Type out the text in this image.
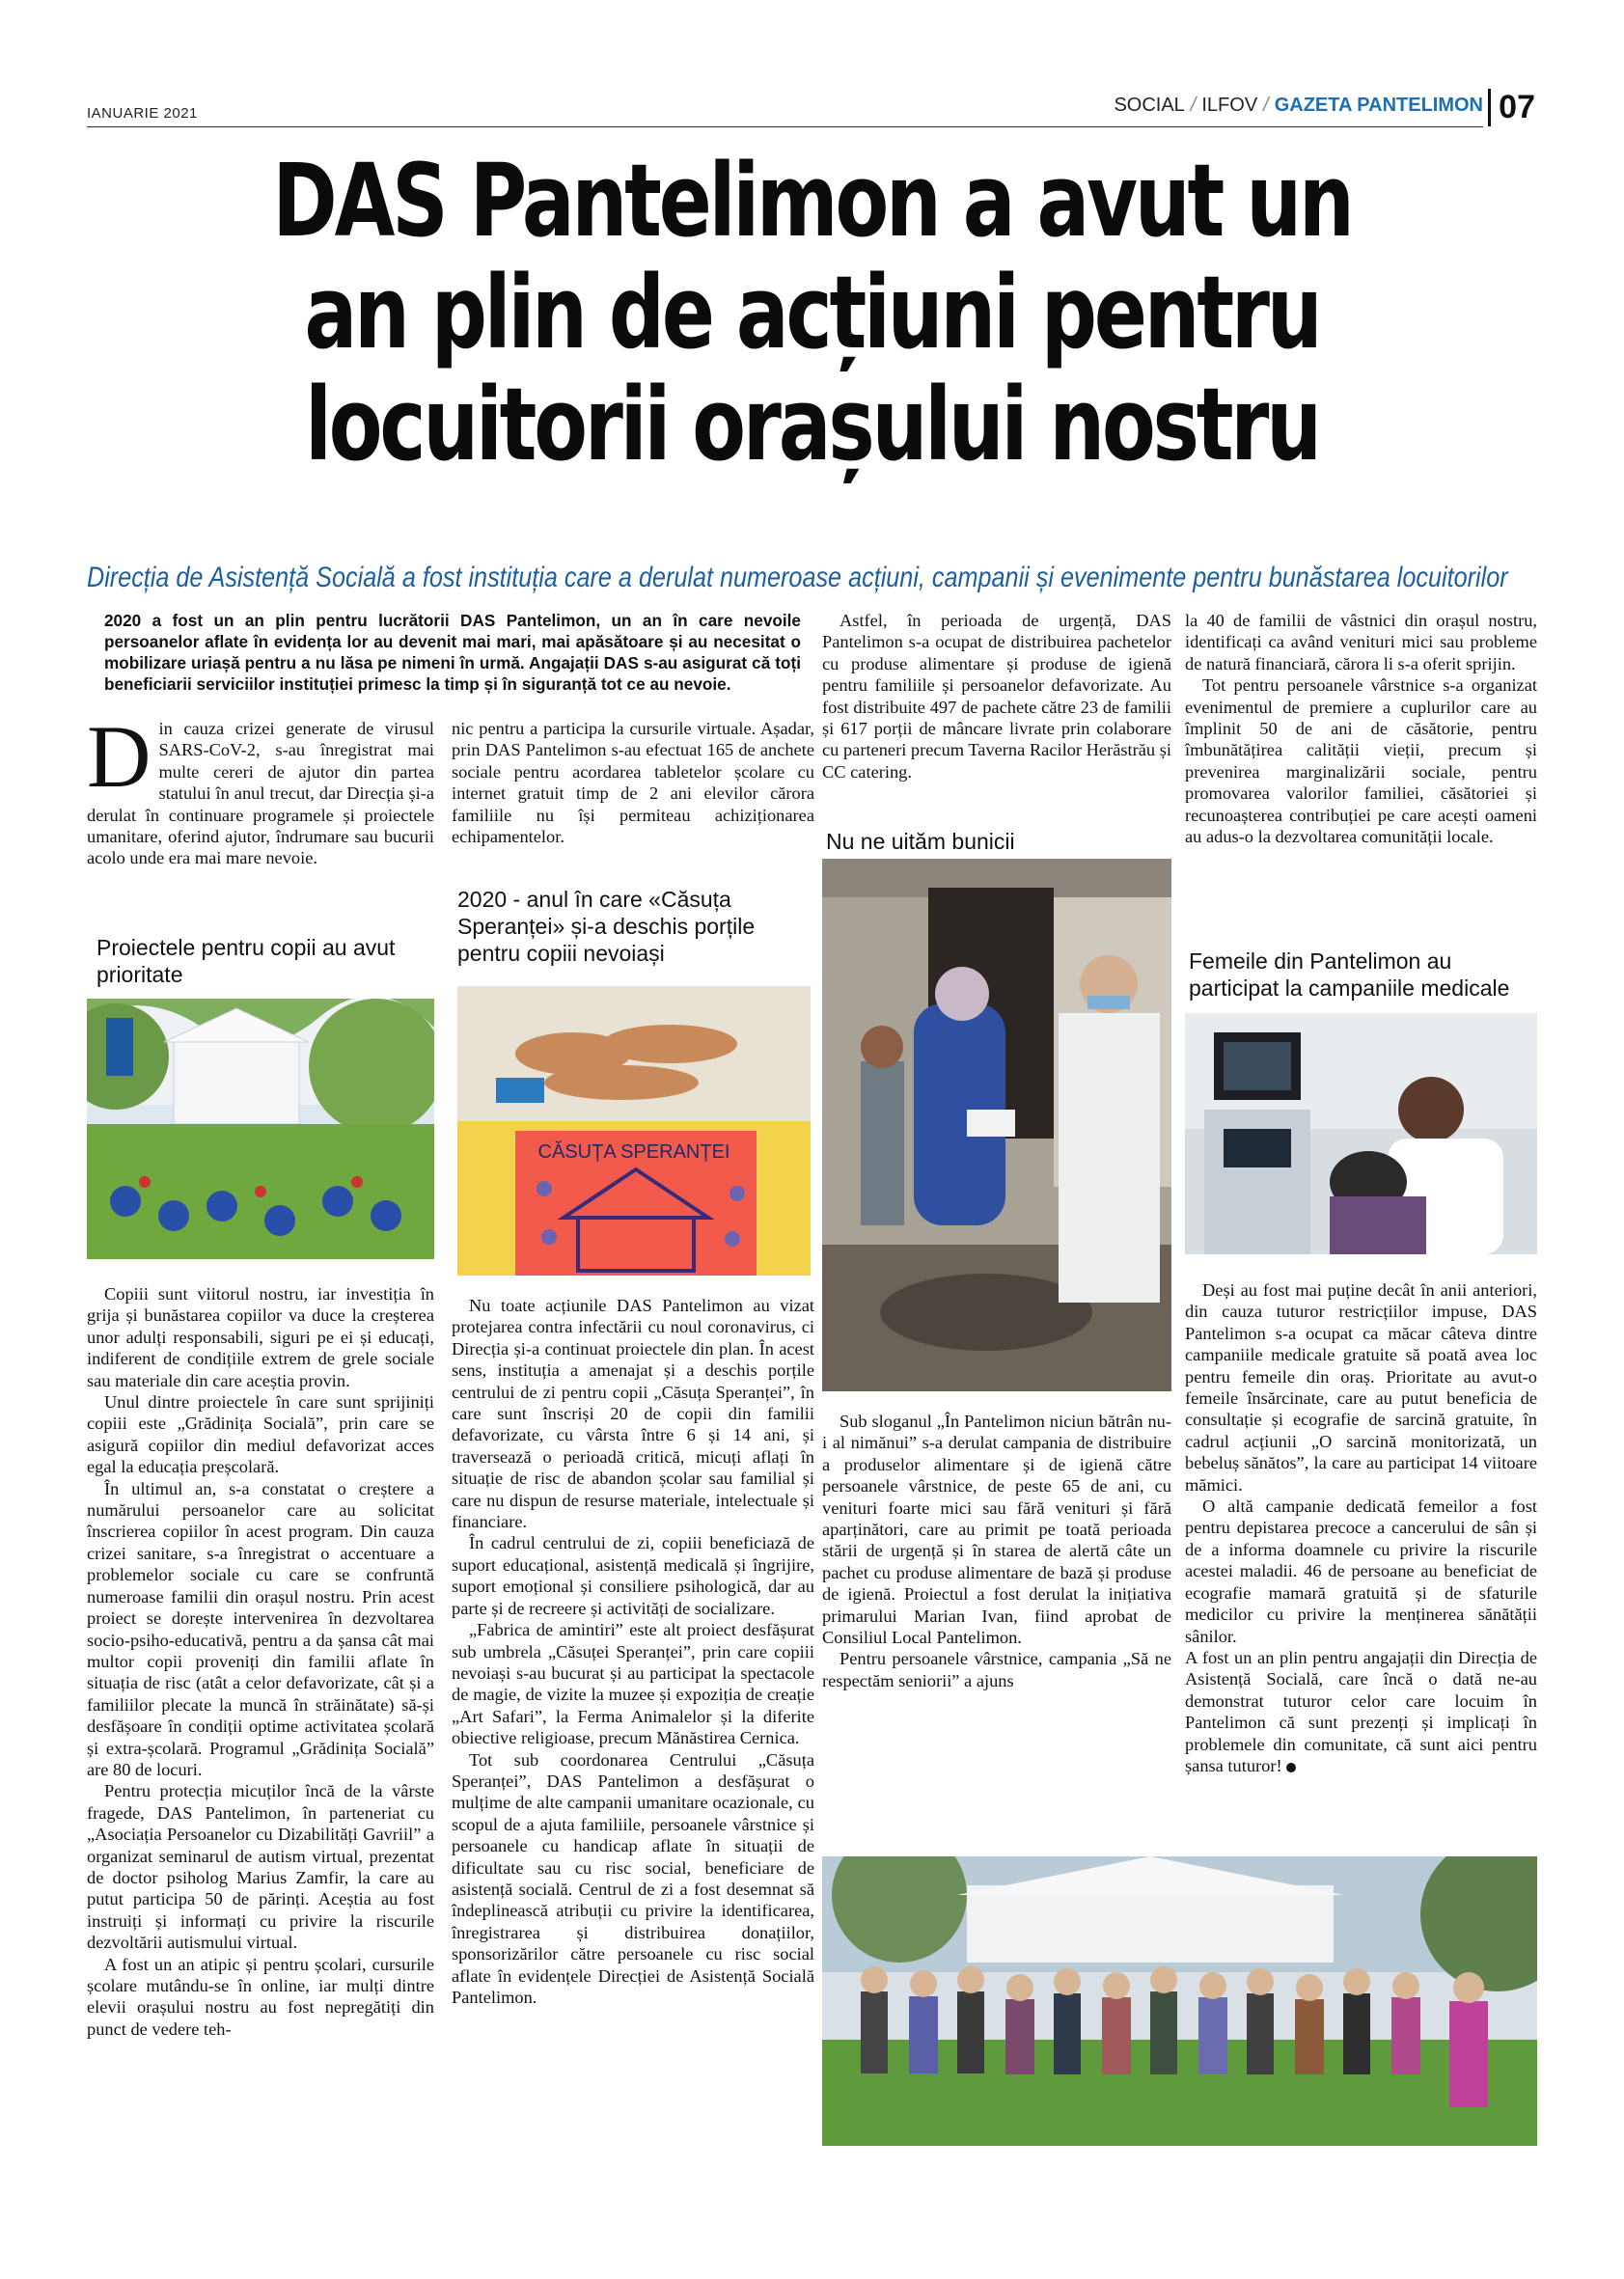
IANUARIE 2021	SOCIAL / ILFOV / GAZETA PANTELIMON 07
DAS Pantelimon a avut un
an plin de acțiuni pentru
locuitorii orașului nostru
Direcția de Asistență Socială a fost instituția care a derulat numeroase acțiuni, campanii și evenimente pentru bunăstarea locuitorilor
2020 a fost un an plin pentru lucrătorii DAS Pantelimon, un an în care nevoile persoanelor aflate în evidența lor au devenit mai mari, mai apăsătoare și au necesitat o mobilizare uriașă pentru a nu lăsa pe nimeni în urmă. Angajații DAS s-au asigurat că toți beneficiarii serviciilor instituției primesc la timp și în siguranță tot ce au nevoie.
D in cauza crizei generate de virusul SARS-CoV-2, s-au înregistrat mai multe cereri de ajutor din partea statului în anul trecut, dar Direcția și-a derulat în continuare programele și proiectele umanitare, oferind ajutor, îndrumare sau bucurii acolo unde era mai mare nevoie.

Proiectele pentru copii au avut prioritate

Copiii sunt viitorul nostru, iar investiția în grija și bunăstarea copiilor va duce la creșterea unor adulți responsabili, siguri pe ei și educați, indiferent de condițiile extrem de grele sociale sau materiale din care aceștia provin.

Unul dintre proiectele în care sunt sprijiniți copiii este „Grădinița Socială”, prin care se asigură copiilor din mediul defavorizat acces egal la educația preșcolară.

În ultimul an, s-a constatat o creștere a numărului persoanelor care au solicitat înscrierea copiilor în acest program. Din cauza crizei sanitare, s-a înregistrat o accentuare a problemelor sociale cu care se confruntă numeroase familii din orașul nostru. Prin acest proiect se dorește intervenirea în dezvoltarea socio-psiho-educativă, pentru a da șansa cât mai multor copii proveniți din familii aflate în situația de risc (atât a celor defavorizate, cât și a familiilor plecate la muncă în străinătate) să-și desfășoare în condiții optime activitatea școlară și extra-școlară. Programul „Grădinița Socială” are 80 de locuri.

Pentru protecția micuților încă de la vârste fragede, DAS Pantelimon, în parteneriat cu „Asociația Persoanelor cu Dizabilități Gavriil” a organizat seminarul de autism virtual, prezentat de doctor psiholog Marius Zamfir, la care au putut participa 50 de părinți. Aceștia au fost instruiți și informați cu privire la riscurile dezvoltării autismului virtual.

A fost un an atipic și pentru școlari, cursurile școlare mutându-se în online, iar mulți dintre elevii orașului nostru au fost nepregătiți din punct de vedere teh-

nic pentru a participa la cursurile virtuale. Așadar, prin DAS Pantelimon s-au efectuat 165 de anchete sociale pentru acordarea tabletelor școlare cu internet gratuit timp de 2 ani elevilor cărora familiile nu își permiteau achiziționarea echipamentelor.

2020 - anul în care «Căsuța Speranței» și-a deschis porțile pentru copiii nevoiași
CĂSUȚA SPERANȚEI

Nu toate acțiunile DAS Pantelimon au vizat protejarea contra infectării cu noul coronavirus, ci Direcția și-a continuat proiectele din plan. În acest sens, instituția a amenajat și a deschis porțile centrului de zi pentru copii „Căsuța Speranței”, în care sunt înscriși 20 de copii din familii defavorizate, cu vârsta între 6 și 14 ani, și traversează o perioadă critică, micuți aflați în situație de risc de abandon școlar sau familial și care nu dispun de resurse materiale, intelectuale și financiare.

În cadrul centrului de zi, copiii beneficiază de suport educațional, asistență medicală și îngrijire, suport emoțional și consiliere psihologică, dar au parte și de recreere și activități de socializare.

„Fabrica de amintiri” este alt proiect desfășurat sub umbrela „Căsuței Speranței”, prin care copiii nevoiași s-au bucurat și au participat la spectacole de magie, de vizite la muzee și expoziția de creație „Art Safari”, la Ferma Animalelor și la diferite obiective religioase, precum Mănăstirea Cernica.

Tot sub coordonarea Centrului „Căsuța Speranței”, DAS Pantelimon a desfășurat o mulțime de alte campanii umanitare ocazionale, cu scopul de a ajuta familiile, persoanele vârstnice și persoanele cu handicap aflate în situații de dificultate sau cu risc social, beneficiare de asistență socială. Centrul de zi a fost desemnat să îndeplinească atribuții cu privire la identificarea, înregistrarea și distribuirea donațiilor, sponsorizărilor către persoanele cu risc social aflate în evidențele Direcției de Asistență Socială Pantelimon.

Astfel, în perioada de urgență, DAS Pantelimon s-a ocupat de distribuirea pachetelor cu produse alimentare și produse de igienă pentru familiile și persoanelor defavorizate. Au fost distribuite 497 de pachete către 23 de familii și 617 porții de mâncare livrate prin colaborare cu parteneri precum Taverna Racilor Herăstrău și CC catering.

Nu ne uităm bunicii

Sub sloganul „În Pantelimon niciun bătrân nu-i al nimănui” s-a derulat campania de distribuire a produselor alimentare și de igienă către persoanele vârstnice, de peste 65 de ani, cu venituri foarte mici sau fără venituri și fără aparținători, care au primit pe toată perioada stării de urgență și în starea de alertă câte un pachet cu produse alimentare de bază și produse de igienă. Proiectul a fost derulat la inițiativa primarului Marian Ivan, fiind aprobat de Consiliul Local Pantelimon.

Pentru persoanele vârstnice, campania „Să ne respectăm seniorii” a ajuns

la 40 de familii de vâstnici din orașul nostru, identificați ca având venituri mici sau probleme de natură financiară, cărora li s-a oferit sprijin.

Tot pentru persoanele vârstnice s-a organizat evenimentul de premiere a cuplurilor care au împlinit 50 de ani de căsătorie, pentru îmbunătățirea calității vieții, precum și prevenirea marginalizării sociale, pentru promovarea valorilor familiei, căsătoriei și recunoașterea contribuției pe care acești oameni au adus-o la dezvoltarea comunității locale.

Femeile din Pantelimon au participat la campaniile medicale

Deși au fost mai puține decât în anii anteriori, din cauza tuturor restricțiilor impuse, DAS Pantelimon s-a ocupat ca măcar câteva dintre campaniile medicale gratuite să poată avea loc pentru femeile din oraș. Prioritate au avut-o femeile însărcinate, care au putut beneficia de consultație și ecografie de sarcină gratuite, în cadrul acțiunii „O sarcină monitorizată, un bebeluș sănătos”, la care au participat 14 viitoare mămici.

O altă campanie dedicată femeilor a fost pentru depistarea precoce a cancerului de sân și de a informa doamnele cu privire la riscurile acestei maladii. 46 de persoane au beneficiat de ecografie mamară gratuită și de sfaturile medicilor cu privire la menținerea sănătății sânilor.

A fost un an plin pentru angajații din Direcția de Asistență Socială, care încă o dată ne-au demonstrat tuturor celor care locuim în Pantelimon că sunt prezenți și implicați în problemele din comunitate, că sunt aici pentru șansa tuturor!
